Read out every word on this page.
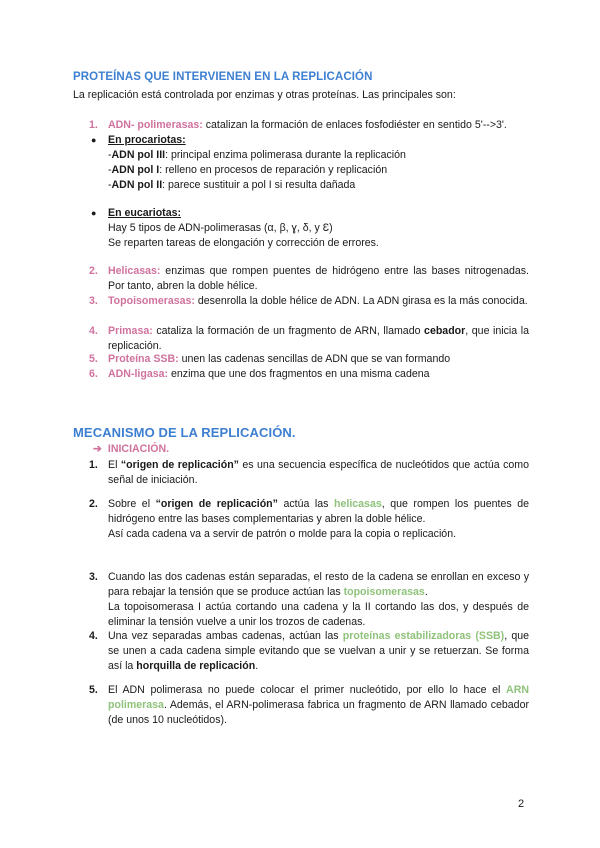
PROTEÍNAS QUE INTERVIENEN EN LA REPLICACIÓN
La replicación está controlada por enzimas y otras proteínas. Las principales son:
1. ADN- polimerasas: catalizan la formación de enlaces fosfodiéster en sentido 5'-->3'.
● En procariotas:
-ADN pol III: principal enzima polimerasa durante la replicación
-ADN pol I: relleno en procesos de reparación y replicación
-ADN pol II: parece sustituir a pol I si resulta dañada
● En eucariotas:
Hay 5 tipos de ADN-polimerasas (α, β, ɣ, δ, y Ɛ)
Se reparten tareas de elongación y corrección de errores.
2. Helicasas: enzimas que rompen puentes de hidrógeno entre las bases nitrogenadas. Por tanto, abren la doble hélice.
3. Topoisomerasas: desenrolla la doble hélice de ADN. La ADN girasa es la más conocida.
4. Primasa: cataliza la formación de un fragmento de ARN, llamado cebador, que inicia la replicación.
5. Proteína SSB: unen las cadenas sencillas de ADN que se van formando
6. ADN-ligasa: enzima que une dos fragmentos en una misma cadena
MECANISMO DE LA REPLICACIÓN.
➔ INICIACIÓN.
1. El “origen de replicación” es una secuencia específica de nucleótidos que actúa como señal de iniciación.
2. Sobre el “origen de replicación” actúa las helicasas, que rompen los puentes de hidrógeno entre las bases complementarias y abren la doble hélice.
Así cada cadena va a servir de patrón o molde para la copia o replicación.
3. Cuando las dos cadenas están separadas, el resto de la cadena se enrollan en exceso y para rebajar la tensión que se produce actúan las topoisomerasas.
La topoisomerasa I actúa cortando una cadena y la II cortando las dos, y después de eliminar la tensión vuelve a unir los trozos de cadenas.
4. Una vez separadas ambas cadenas, actúan las proteínas estabilizadoras (SSB), que se unen a cada cadena simple evitando que se vuelvan a unir y se retuerzan. Se forma así la horquilla de replicación.
5. El ADN polimerasa no puede colocar el primer nucleótido, por ello lo hace el ARN polimerasa. Además, el ARN-polimerasa fabrica un fragmento de ARN llamado cebador (de unos 10 nucleótidos).
2
